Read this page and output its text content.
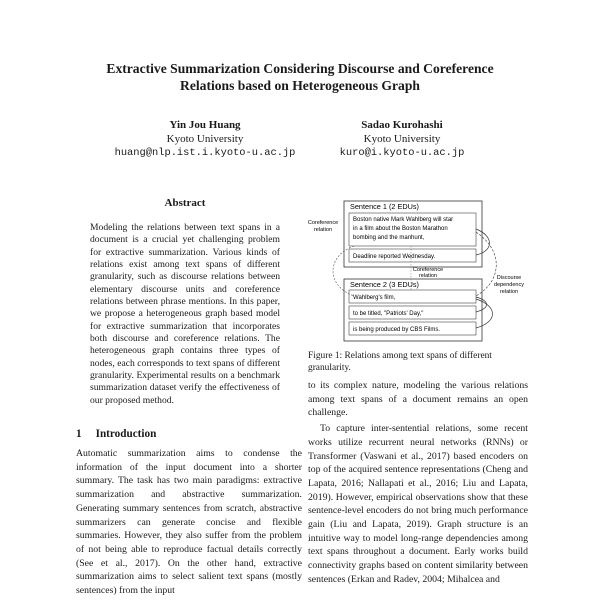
Extractive Summarization Considering Discourse and Coreference
Relations based on Heterogeneous Graph
Yin Jou Huang
Kyoto University
huang@nlp.ist.i.kyoto-u.ac.jp
Sadao Kurohashi
Kyoto University
kuro@i.kyoto-u.ac.jp
Abstract
Modeling the relations between text spans in a document is a crucial yet challenging problem for extractive summarization. Various kinds of relations exist among text spans of different granularity, such as discourse relations between elementary discourse units and coreference relations between phrase mentions. In this paper, we propose a heterogeneous graph based model for extractive summarization that incorporates both discourse and coreference relations. The heterogeneous graph contains three types of nodes, each corresponds to text spans of different granularity. Experimental results on a benchmark summarization dataset verify the effectiveness of our proposed method.
1 Introduction

Automatic summarization aims to condense the information of the input document into a shorter summary. The task has two main paradigms: extractive summarization and abstractive summarization. Generating summary sentences from scratch, abstractive summarizers can generate concise and flexible summaries. However, they also suffer from the problem of not being able to reproduce factual details correctly (See et al., 2017). On the other hand, extractive summarization aims to select salient text spans (mostly sentences) from the input

to its complex nature, modeling the various relations among text spans of a document remains an open challenge.

To capture inter-sentential relations, some recent works utilize recurrent neural networks (RNNs) or Transformer (Vaswani et al., 2017) based encoders on top of the acquired sentence representations (Cheng and Lapata, 2016; Nallapati et al., 2016; Liu and Lapata, 2019). However, empirical observations show that these sentence-level encoders do not bring much performance gain (Liu and Lapata, 2019). Graph structure is an intuitive way to model long-range dependencies among text spans throughout a document. Early works build connectivity graphs based on content similarity between sentences (Erkan and Radev, 2004; Mihalcea and

Sentence 1 (2 EDUs)
Boston native Mark Wahlberg will star
in a film about the Boston Marathon
bombing and the manhunt,
Deadline reported Wednesday.
Sentence 2 (3 EDUs)
Wahlberg's film,
to be titled, "Patriots' Day,"
is being produced by CBS Films.
Coreference
relation
Coreference
relation	Discourse
dependency
relation
Figure 1: Relations among text spans of different granularity.
